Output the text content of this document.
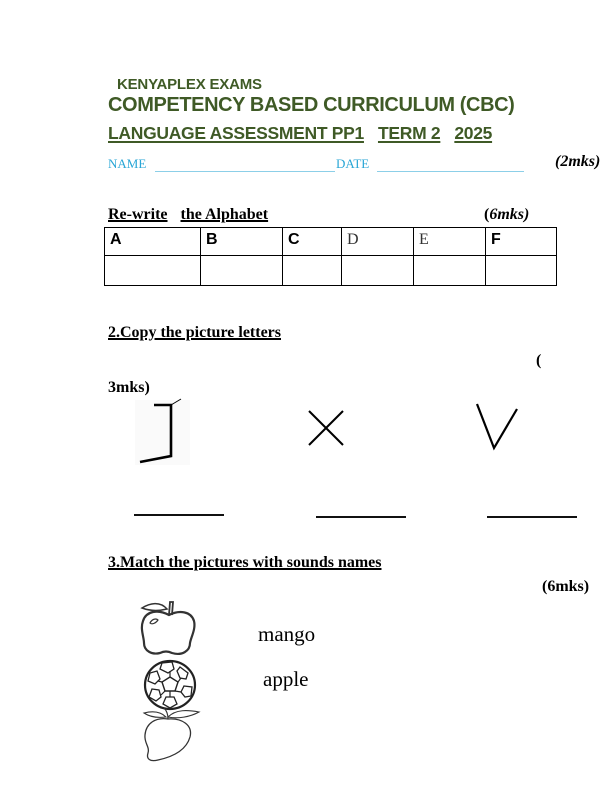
KENYAPLEX EXAMS
COMPETENCY BASED CURRICULUM (CBC)
LANGUAGE ASSESSMENT PP1 TERM 2 2025
NAME	DATE	(2mks)
Re-write the Alphabet	(6mks)
A	B	C	D	E	F

2.Copy the picture letters
(
3mks)
3.Match the pictures with sounds names
(6mks)
mango
apple
